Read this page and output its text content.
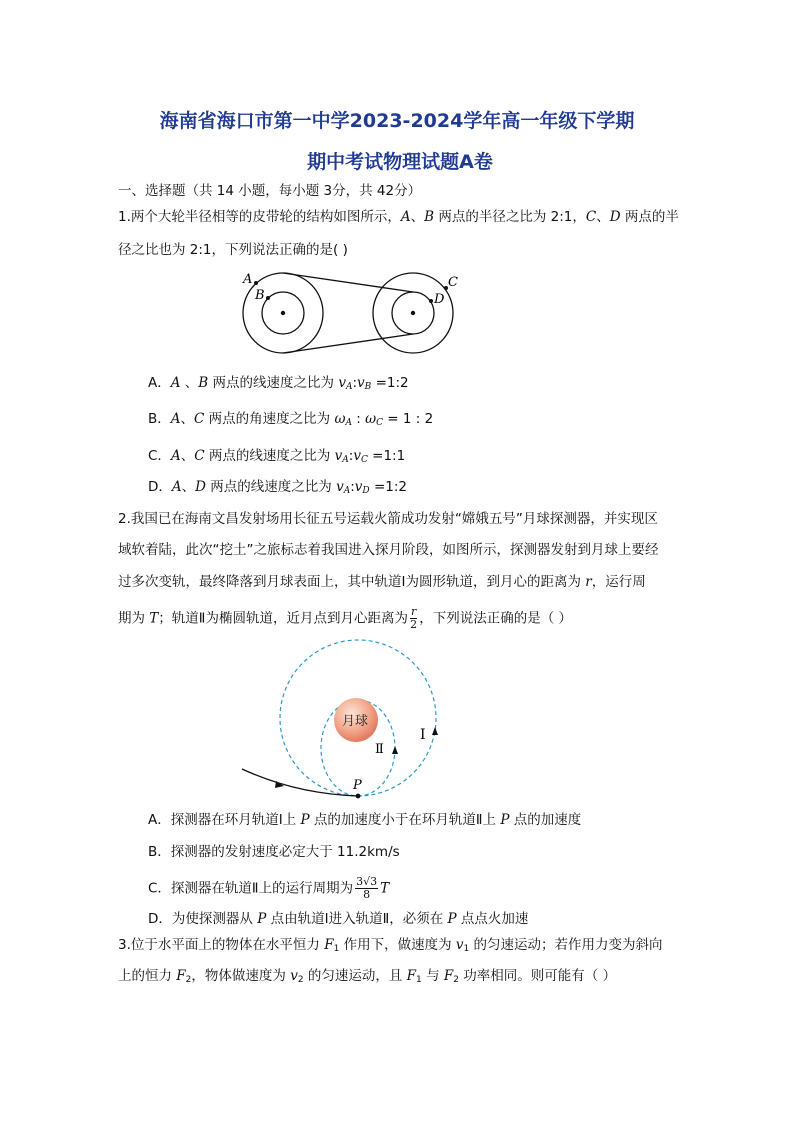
海南省海口市第一中学2023-2024学年高一年级下学期
期中考试物理试题A卷
一、选择题（共 14 小题，每小题 3分，共 42分）
1.两个大轮半径相等的皮带轮的结构如图所示，A、B 两点的半径之比为 2:1，C、D 两点的半
径之比也为 2:1，下列说法正确的是( )
A
B
C
D
A．A 、B 两点的线速度之比为 $v_A:v_B$ =1:2
B．A、C 两点的角速度之比为 $\omega_A$ : $\omega_C = 1$ : 2
C．A、C 两点的线速度之比为 $v_A:v_C$ =1:1
D．A、D 两点的线速度之比为 $v_A:v_D$ =1:2
2.我国已在海南文昌发射场用长征五号运载火箭成功发射“嫦娥五号”月球探测器，并实现区
域软着陆，此次“挖土”之旅标志着我国进入探月阶段，如图所示，探测器发射到月球上要经
过多次变轨，最终降落到月球表面上，其中轨道Ⅰ为圆形轨道，到月心的距离为 r，运行周
期为 T；轨道Ⅱ为椭圆轨道，近月点到月心距离为 $\frac{r}{2}$ ，下列说法正确的是（ ）
月球
P
Ⅱ
Ⅰ
A．探测器在环月轨道Ⅰ上 P 点的加速度小于在环月轨道Ⅱ上 P 点的加速度
B．探测器的发射速度必定大于 11.2km/s
C．探测器在轨道Ⅱ上的运行周期为 $\frac{3√3}{8}$ T
D．为使探测器从 P 点由轨道Ⅰ进入轨道Ⅱ，必须在 P 点点火加速
3.位于水平面上的物体在水平恒力 $F_1$ 作用下，做速度为 $v_1$ 的匀速运动；若作用力变为斜向
上的恒力 $F_2$，物体做速度为 $v_2$ 的匀速运动，且 $F_1$ 与 $F_2$ 功率相同。则可能有（ ）
